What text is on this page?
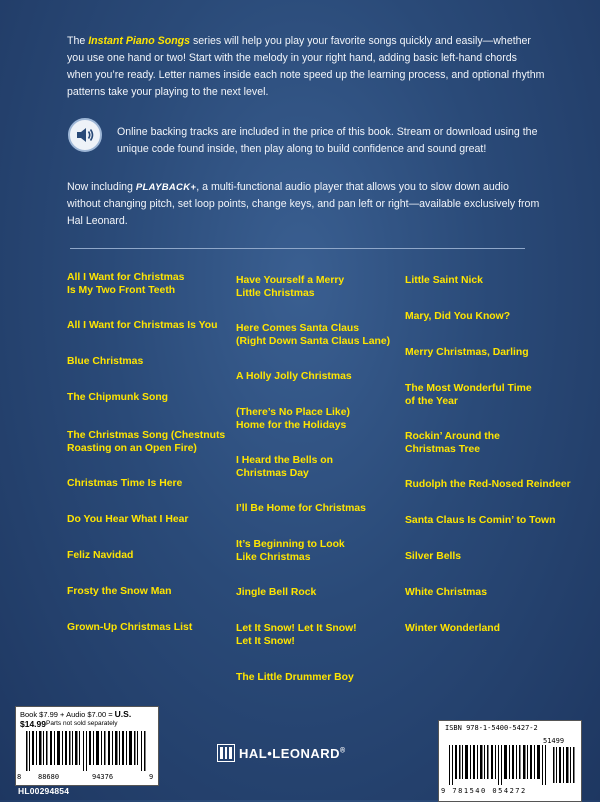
The Instant Piano Songs series will help you play your favorite songs quickly and easily—whether you use one hand or two! Start with the melody in your right hand, adding basic left-hand chords when you’re ready. Letter names inside each note speed up the learning process, and optional rhythm patterns take your playing to the next level.
Online backing tracks are included in the price of this book. Stream or download using the unique code found inside, then play along to build confidence and sound great!
Now including PLAYBACK+, a multi-functional audio player that allows you to slow down audio without changing pitch, set loop points, change keys, and pan left or right—available exclusively from Hal Leonard.
All I Want for Christmas
Is My Two Front Teeth
All I Want for Christmas Is You
Blue Christmas
The Chipmunk Song
The Christmas Song (Chestnuts
Roasting on an Open Fire)
Christmas Time Is Here
Do You Hear What I Hear
Feliz Navidad
Frosty the Snow Man
Grown-Up Christmas List
Have Yourself a Merry
Little Christmas
Here Comes Santa Claus
(Right Down Santa Claus Lane)
A Holly Jolly Christmas
(There’s No Place Like)
Home for the Holidays
I Heard the Bells on
Christmas Day
I’ll Be Home for Christmas
It’s Beginning to Look
Like Christmas
Jingle Bell Rock
Let It Snow! Let It Snow!
Let It Snow!
The Little Drummer Boy
Little Saint Nick
Mary, Did You Know?
Merry Christmas, Darling
The Most Wonderful Time
of the Year
Rockin’ Around the
Christmas Tree
Rudolph the Red-Nosed Reindeer
Santa Claus Is Comin’ to Town
Silver Bells
White Christmas
Winter Wonderland
Book $7.99 + Audio $7.00 = U.S. $14.99 Parts not sold separately
8 88680	94376	9
HL00294854
HAL•LEONARD®
ISBN 978-1-5400-5427-2
51499
9 781540 054272
